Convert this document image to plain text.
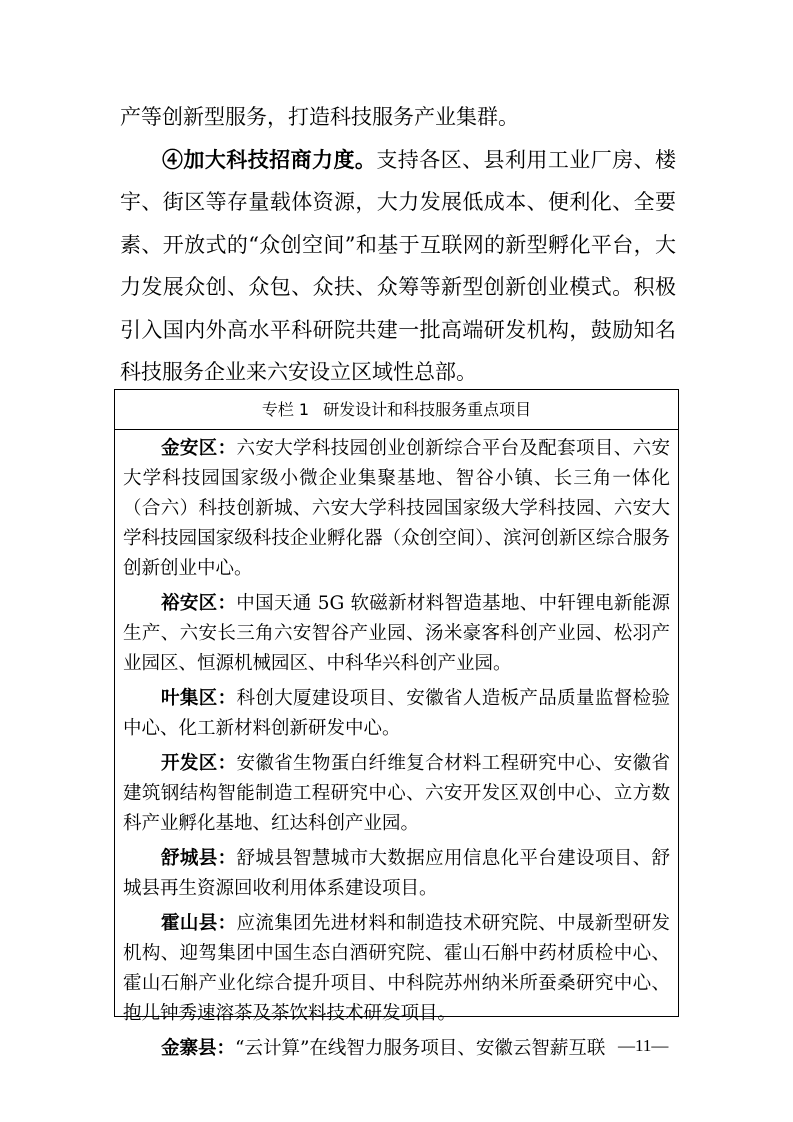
产等创新型服务，打造科技服务产业集群。

④加大科技招商力度。支持各区、县利用工业厂房、楼宇、街区等存量载体资源，大力发展低成本、便利化、全要素、开放式的“众创空间”和基于互联网的新型孵化平台，大力发展众创、众包、众扶、众筹等新型创新创业模式。积极引入国内外高水平科研院共建一批高端研发机构，鼓励知名科技服务企业来六安设立区域性总部。

专栏 1 研发设计和科技服务重点项目

金安区：六安大学科技园创业创新综合平台及配套项目、六安大学科技园国家级小微企业集聚基地、智谷小镇、长三角一体化（合六）科技创新城、六安大学科技园国家级大学科技园、六安大学科技园国家级科技企业孵化器（众创空间）、滨河创新区综合服务创新创业中心。

裕安区：中国天通 5G 软磁新材料智造基地、中轩锂电新能源生产、六安长三角六安智谷产业园、汤米豪客科创产业园、松羽产业园区、恒源机械园区、中科华兴科创产业园。

叶集区：科创大厦建设项目、安徽省人造板产品质量监督检验中心、化工新材料创新研发中心。

开发区：安徽省生物蛋白纤维复合材料工程研究中心、安徽省建筑钢结构智能制造工程研究中心、六安开发区双创中心、立方数科产业孵化基地、红达科创产业园。

舒城县：舒城县智慧城市大数据应用信息化平台建设项目、舒城县再生资源回收利用体系建设项目。

霍山县：应流集团先进材料和制造技术研究院、中晟新型研发机构、迎驾集团中国生态白酒研究院、霍山石斛中药材质检中心、霍山石斛产业化综合提升项目、中科院苏州纳米所蚕桑研究中心、抱儿钟秀速溶茶及茶饮料技术研发项目。

金寨县：“云计算”在线智力服务项目、安徽云智薪互联 —11—
